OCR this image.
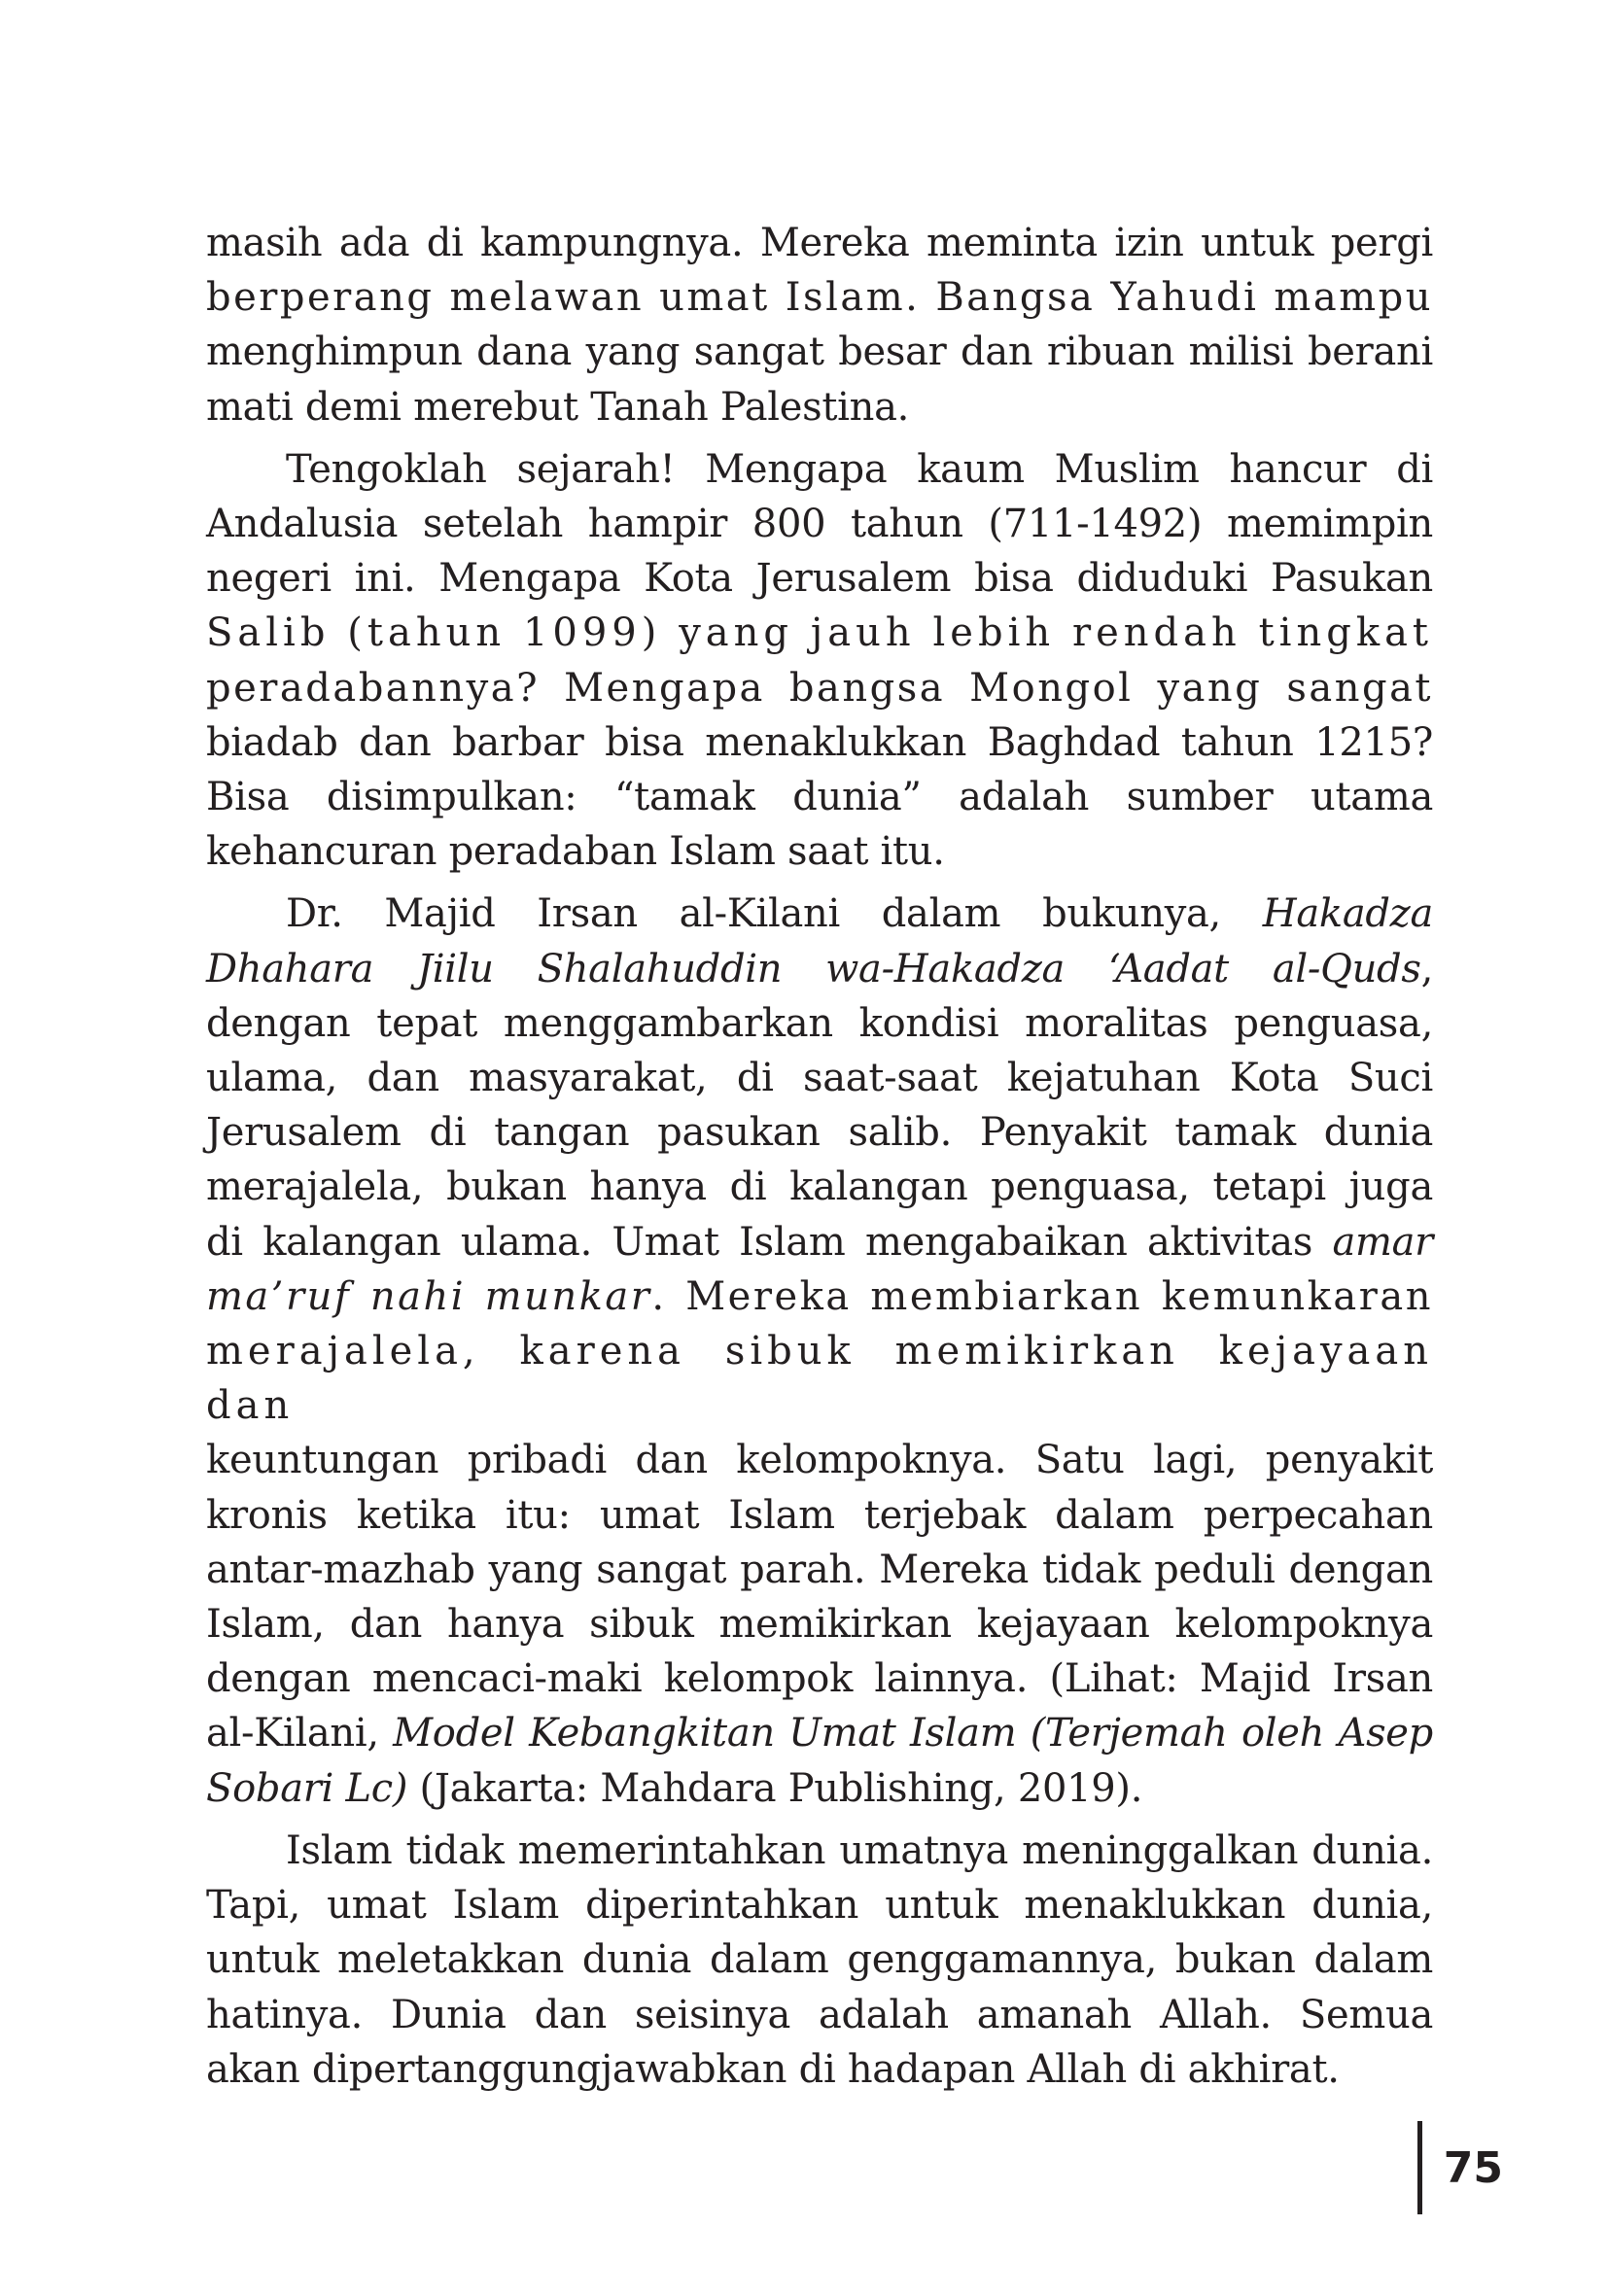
masih ada di kampungnya. Mereka meminta izin untuk pergi
berperang melawan umat Islam. Bangsa Yahudi mampu
menghimpun dana yang sangat besar dan ribuan milisi berani
mati demi merebut Tanah Palestina.

Tengoklah sejarah! Mengapa kaum Muslim hancur di
Andalusia setelah hampir 800 tahun (711-1492) memimpin
negeri ini. Mengapa Kota Jerusalem bisa diduduki Pasukan
Salib (tahun 1099) yang jauh lebih rendah tingkat
peradabannya? Mengapa bangsa Mongol yang sangat
biadab dan barbar bisa menaklukkan Baghdad tahun 1215?
Bisa disimpulkan: “tamak dunia” adalah sumber utama
kehancuran peradaban Islam saat itu.

Dr. Majid Irsan al-Kilani dalam bukunya, Hakadza
Dhahara Jiilu Shalahuddin wa-Hakadza ‘Aadat al-Quds,
dengan tepat menggambarkan kondisi moralitas penguasa,
ulama, dan masyarakat, di saat-saat kejatuhan Kota Suci
Jerusalem di tangan pasukan salib. Penyakit tamak dunia
merajalela, bukan hanya di kalangan penguasa, tetapi juga
di kalangan ulama. Umat Islam mengabaikan aktivitas amar
ma’ruf nahi munkar. Mereka membiarkan kemunkaran
merajalela, karena sibuk memikirkan kejayaan dan
keuntungan pribadi dan kelompoknya. Satu lagi, penyakit
kronis ketika itu: umat Islam terjebak dalam perpecahan
antar-mazhab yang sangat parah. Mereka tidak peduli dengan
Islam, dan hanya sibuk memikirkan kejayaan kelompoknya
dengan mencaci-maki kelompok lainnya. (Lihat: Majid Irsan
al-Kilani, Model Kebangkitan Umat Islam (Terjemah oleh Asep
Sobari Lc) (Jakarta: Mahdara Publishing, 2019).

Islam tidak memerintahkan umatnya meninggalkan dunia.
Tapi, umat Islam diperintahkan untuk menaklukkan dunia,
untuk meletakkan dunia dalam genggamannya, bukan dalam
hatinya. Dunia dan seisinya adalah amanah Allah. Semua
akan dipertanggungjawabkan di hadapan Allah di akhirat.

75
